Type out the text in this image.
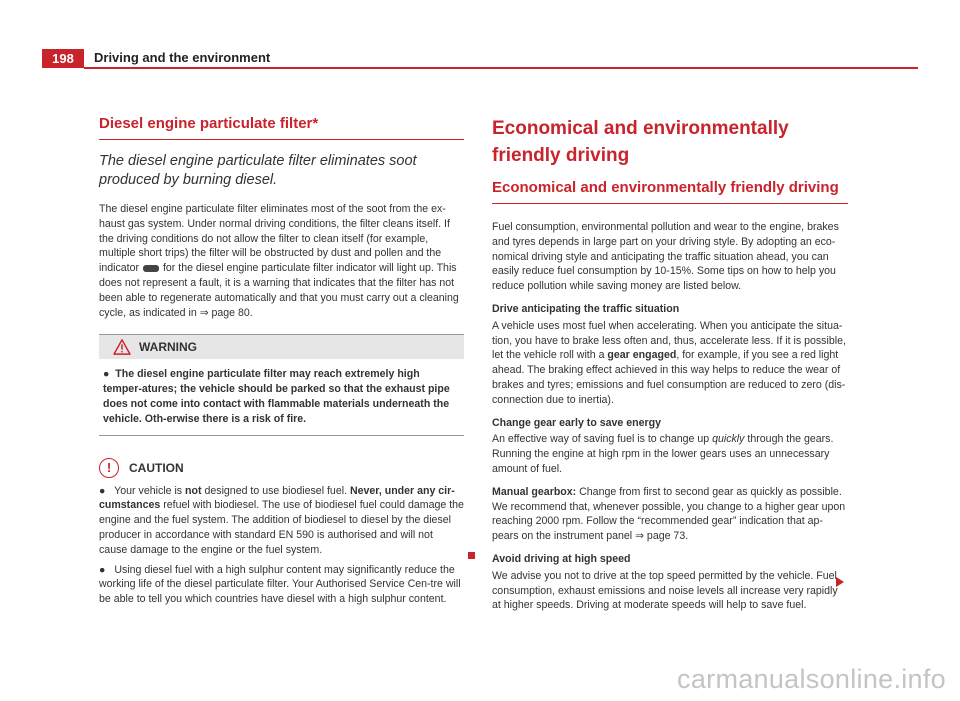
198	Driving and the environment
Diesel engine particulate filter*
The diesel engine particulate filter eliminates soot produced by burning diesel.

The diesel engine particulate filter eliminates most of the soot from the ex-haust gas system. Under normal driving conditions, the filter cleans itself. If the driving conditions do not allow the filter to clean itself (for example, multiple short trips) the filter will be obstructed by dust and pollen and the indicator for the diesel engine particulate filter indicator will light up. This does not represent a fault, it is a warning that indicates that the filter has not been able to regenerate automatically and that you must carry out a cleaning cycle, as indicated in ⇒ page 80.

WARNING
●  The diesel engine particulate filter may reach extremely high temper-atures; the vehicle should be parked so that the exhaust pipe does not come into contact with flammable materials underneath the vehicle. Oth-erwise there is a risk of fire.
!	CAUTION
● Your vehicle is not designed to use biodiesel fuel. Never, under any cir-cumstances refuel with biodiesel. The use of biodiesel fuel could damage the engine and the fuel system. The addition of biodiesel to diesel by the diesel producer in accordance with standard EN 590 is authorised and will not cause damage to the engine or the fuel system.
● Using diesel fuel with a high sulphur content may significantly reduce the working life of the diesel particulate filter. Your Authorised Service Cen-tre will be able to tell you which countries have diesel with a high sulphur content.
Economical and environmentally friendly driving
Economical and environmentally friendly driving

Fuel consumption, environmental pollution and wear to the engine, brakes and tyres depends in large part on your driving style. By adopting an eco-nomical driving style and anticipating the traffic situation ahead, you can easily reduce fuel consumption by 10-15%. Some tips on how to help you reduce pollution while saving money are listed below.

Drive anticipating the traffic situation

A vehicle uses most fuel when accelerating. When you anticipate the situa-tion, you have to brake less often and, thus, accelerate less. If it is possible, let the vehicle roll with a gear engaged, for example, if you see a red light ahead. The braking effect achieved in this way helps to reduce the wear of brakes and tyres; emissions and fuel consumption are reduced to zero (dis-connection due to inertia).

Change gear early to save energy

An effective way of saving fuel is to change up quickly through the gears. Running the engine at high rpm in the lower gears uses an unnecessary amount of fuel.

Manual gearbox: Change from first to second gear as quickly as possible. We recommend that, whenever possible, you change to a higher gear upon reaching 2000 rpm. Follow the “recommended gear” indication that ap-pears on the instrument panel ⇒ page 73.

Avoid driving at high speed

We advise you not to drive at the top speed permitted by the vehicle. Fuel consumption, exhaust emissions and noise levels all increase very rapidly at higher speeds. Driving at moderate speeds will help to save fuel.

carmanualsonline.info
